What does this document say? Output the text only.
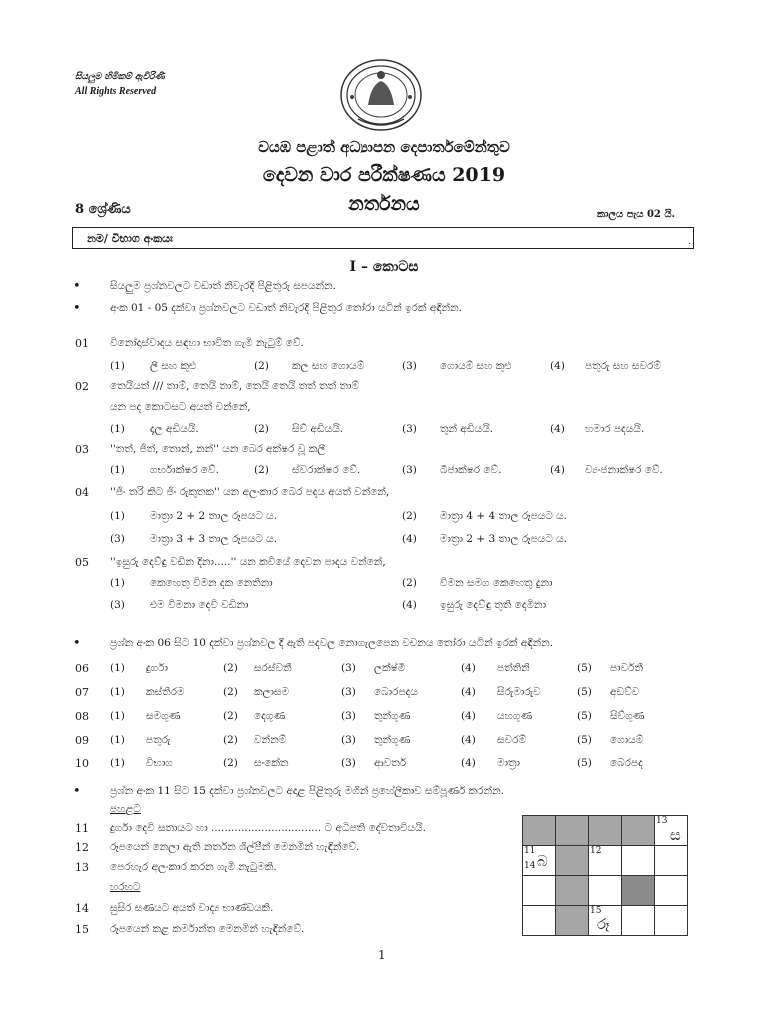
සියලුම හිමිකම් ඇවිරිණි
All Rights Reserved
වයඹ පළාත් අධ්‍යාපන දෙපාර්තමේන්තුව
දෙවන වාර පරීක්ෂණය 2019
නර්තනය
8 ශ්‍රේණිය	කාලය පැය 02 යි.
නම/ විභාග අංකයඃ	.
I – කොටස
•	සියලුම ප්‍රශ්නවලට වඩාත් නිවැරදි පිළිතුරු සපයන්න.
•	අංක 01 - 05 දක්වා ප්‍රශ්නවලට වඩාත් නිවැරදි පිළිතුර තෝරා යටින් ඉරක් අඳින්න.
01 විනෝදාස්වාදය සඳහා භාවිත ගැමි නැටුම් වේ.
(1) ලී සහ කුළු	(2) කල සහ ගොයම්	(3) ගොයම් සහ කුළු	(4) පතුරු සහ සවරම්
02 තෙයියත් /// තාම්, තෙයි තාම්, තෙයි තෙයි තත් තත් තාම්
යන පද කොටසට අයත් වන්නේ,
(1) දෑල අඩියයි.	(2) සිව් අඩියයි.	(3) තුන් අඩියයි.	(4) හමාර පදයයි.
03 ''තත්, ජිත්, තොන්, නන්'' යන බෙර අක්ෂර වූ කලී
(1) ගර්භාක්ෂර වේ.	(2) ස්වරාක්ෂර වේ.	(3) බීජාක්ෂර වේ.	(4) ව්‍යංජනාක්ෂර වේ.
04 ''ජිං තරි කිට ජිං රුකුතක'' යන අලංකාර බෙර පදය අයත් වන්නේ,
(1) මාත්‍රා 2 + 2 තාල රූපයට ය.	(2) මාත්‍රා 4 + 4 තාල රූපයට ය.
(3) මාත්‍රා 3 + 3 තාල රූපයට ය.	(4) මාත්‍රා 2 + 3 තාල රූපයට ය.
05 ''ඉසුරු දෙව්ඳු වඩින දිනා.....'' යන කවියේ දෙවන පාදය වන්නේ,
(1) කෙහෙතු විමන දක නෙතිනා	(2) විමන සමග කෙහෙතු දුනා
(3) එම විමනා දෙවි වඩිනා	(4) ඉසුරු දෙව්ඳු තුති දෙමිනා
•	ප්‍රශ්න අංක 06 සිට 10 දක්වා ප්‍රශ්නවල දී ඇති පදවල නොගැලපෙන වචනය තෝරා යටින් ඉරක් අඳින්න.
06 (1) දුර්ගා	(2) සරස්වතී	(3) ලක්ෂ්මී	(4) පත්තිනි	(5) පාර්වතී
07 (1) කස්තිරම	(2) කලාසම	(3) බොරපදය	(4) සිරුමාරුව	(5) අඩව්ව
08 (1) සමගුණ	(2) දෙගුණ	(3) තුන්ගුණ	(4) යහගුණ	(5) සිව්ගුණ
09 (1) පතුරු	(2) වන්නම්	(3) තුන්ගුණ	(4) සවරම්	(5) ගොයම්
10 (1) විභාග	(2) සංකේත	(3) ආවර්ත	(4) මාත්‍රා	(5) බෙරපද
•	ප්‍රශ්න අංක 11 සිට 15 දක්වා ප්‍රශ්නවලට අදාළ පිළිතුරු මගින් ප්‍රහේලිකාව සම්පූර්ණ කරන්න.
පහළට
11 දුර්ගා දෙවි සතායට හා ................................. ට අධිපති දේවතාවියයි.
12 රූපයෙන් නෙලා ඇති නර්තන ශිල්පීන් මෙනමින් හැඳින්වේ.
13 පෙරහැර අලංකාර කරන ගැමි නැටුමකි.
හරහට
14 සුසිර සණයට අයත් වාද්‍ය භාණ්ඩයකි.
15 රූපයෙන් කළ කර්මාන්ත මෙනමින් හැඳින්වේ.

				13
ස

11
14 බ		12		

		15
රූ		

1
